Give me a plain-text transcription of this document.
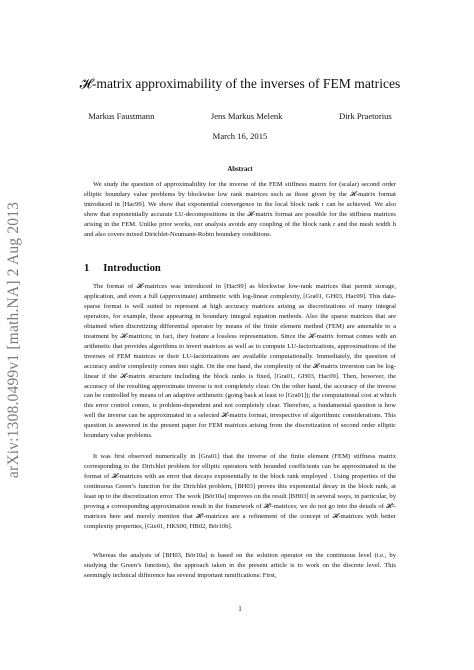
arXiv:1308.0499v1 [math.NA] 2 Aug 2013
𝓗-matrix approximability of the inverses of FEM matrices
Markus Faustmann	Jens Markus Melenk	Dirk Praetorius
March 16, 2015
Abstract
We study the question of approximability for the inverse of the FEM stiffness matrix for (scalar) second order elliptic boundary value problems by blockwise low rank matrices such as those given by the 𝓗-matrix format introduced in [Hac99]. We show that exponential convergence in the local block rank r can be achieved. We also show that exponentially accurate LU-decompositions in the 𝓗-matrix format are possible for the stiffness matrices arising in the FEM. Unlike prior works, our analysis avoids any coupling of the block rank r and the mesh width h and also covers mixed Dirichlet-Neumann-Robin boundary conditions.
1 Introduction

The format of 𝓗-matrices was introduced in [Hac99] as blockwise low-rank matrices that permit storage, application, and even a full (approximate) arithmetic with log-linear complexity, [Gra01, GH03, Hac09]. This data-sparse format is well suited to represent at high accuracy matrices arising as discretizations of many integral operators, for example, those appearing in boundary integral equation methods. Also the sparse matrices that are obtained when discretizing differential operator by means of the finite element method (FEM) are amenable to a treatment by 𝓗-matrices; in fact, they feature a lossless representation. Since the 𝓗-matrix format comes with an arithmetic that provides algorithms to invert matrices as well as to compute LU-factorizations, approximations of the inverses of FEM matrices or their LU-factorizations are available computationally. Immediately, the question of accuracy and/or complexity comes into sight. On the one hand, the complexity of the 𝓗-matrix inversion can be log-linear if the 𝓗-matrix structure including the block ranks is fixed, [Gra01, GH03, Hac09]. Then, however, the accuracy of the resulting approximate inverse is not completely clear. On the other hand, the accuracy of the inverse can be controlled by means of an adaptive arithmetic (going back at least to [Gra01]); the computational cost at which this error control comes, is problem-dependent and not completely clear. Therefore, a fundamental question is how well the inverse can be approximated in a selected 𝓗-matrix format, irrespective of algorithmic considerations. This question is answered in the present paper for FEM matrices arising from the discretization of second order elliptic boundary value problems.

It was first observed numerically in [Gra01] that the inverse of the finite element (FEM) stiffness matrix corresponding to the Dirichlet problem for elliptic operators with bounded coefficients can be approximated in the format of 𝓗-matrices with an error that decays exponentially in the block rank employed . Using properties of the continuous Green’s function for the Dirichlet problem, [BH03] proves this exponential decay in the block rank, at least up to the discretization error. The work [Bör10a] improves on the result [BH03] in several ways, in particular, by proving a corresponding approximation result in the framework of 𝓗²-matrices; we do not go into the details of 𝓗²-matrices here and merely mention that 𝓗²-matrices are a refinement of the concept of 𝓗-matrices with better complexity properties, [Gie01, HKS00, HB02, Bör10b].

Whereas the analysis of [BH03, Bör10a] is based on the solution operator on the continuous level (i.e., by studying the Green’s function), the approach taken in the present article is to work on the discrete level. This seemingly technical difference has several important ramifications: First,

1
